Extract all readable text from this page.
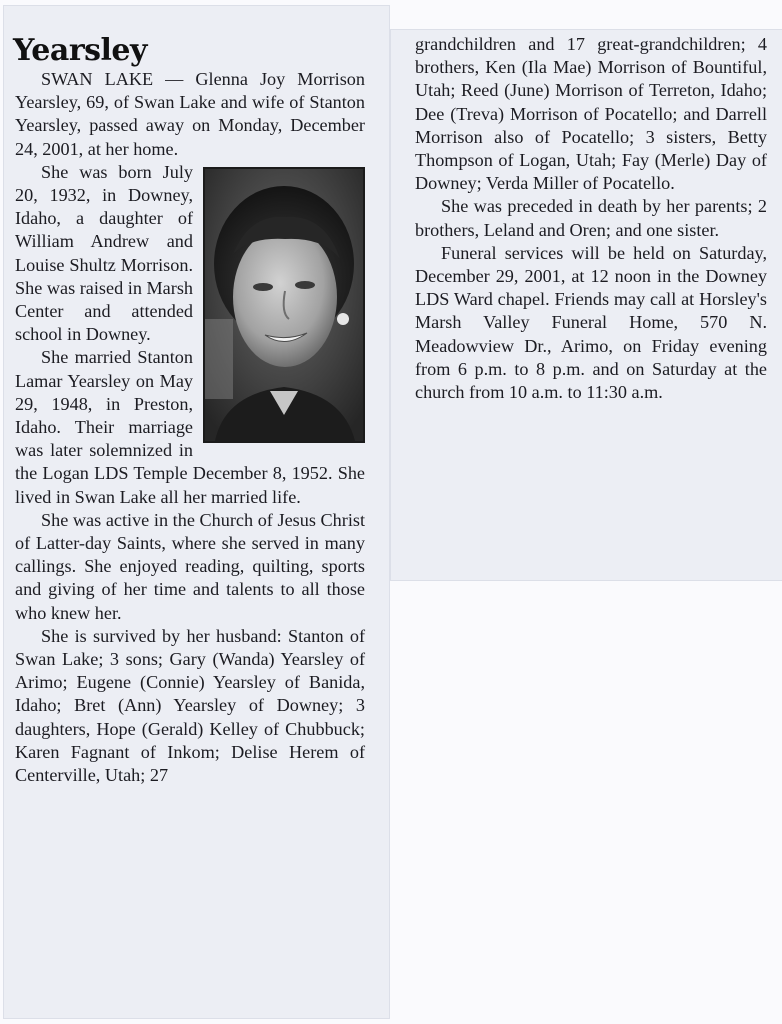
Yearsley

SWAN LAKE — Glenna Joy Morrison Yearsley, 69, of Swan Lake and wife of Stanton Yearsley, passed away on Monday, December 24, 2001, at her home.

She was born July 20, 1932, in Downey, Idaho, a daughter of William Andrew and Louise Shultz Morrison. She was raised in Marsh Center and attended school in Downey.

She married Stanton Lamar Yearsley on May 29, 1948, in Preston, Idaho. Their marriage was later solemnized in the Logan LDS Temple December 8, 1952. She lived in Swan Lake all her married life.

She was active in the Church of Jesus Christ of Latter-day Saints, where she served in many callings. She enjoyed reading, quilting, sports and giving of her time and talents to all those who knew her.

She is survived by her husband: Stanton of Swan Lake; 3 sons; Gary (Wanda) Yearsley of Arimo; Eugene (Connie) Yearsley of Banida, Idaho; Bret (Ann) Yearsley of Downey; 3 daughters, Hope (Gerald) Kelley of Chubbuck; Karen Fagnant of Inkom; Delise Herem of Centerville, Utah; 27

grandchildren and 17 great-grandchildren; 4 brothers, Ken (Ila Mae) Morrison of Bountiful, Utah; Reed (June) Morrison of Terreton, Idaho; Dee (Treva) Morrison of Pocatello; and Darrell Morrison also of Pocatello; 3 sisters, Betty Thompson of Logan, Utah; Fay (Merle) Day of Downey; Verda Miller of Pocatello.

She was preceded in death by her parents; 2 brothers, Leland and Oren; and one sister.

Funeral services will be held on Saturday, December 29, 2001, at 12 noon in the Downey LDS Ward chapel. Friends may call at Horsley's Marsh Valley Funeral Home, 570 N. Meadowview Dr., Arimo, on Friday evening from 6 p.m. to 8 p.m. and on Saturday at the church from 10 a.m. to 11:30 a.m.
